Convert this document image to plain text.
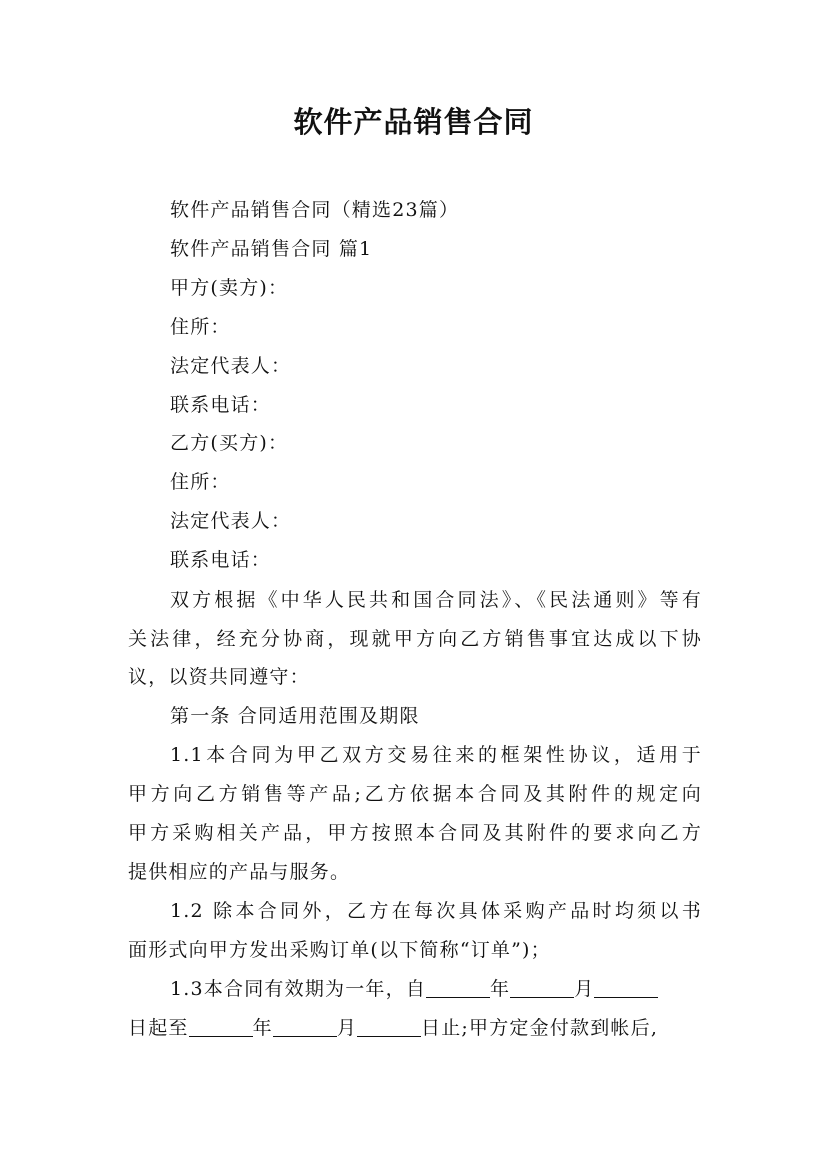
软件产品销售合同
软件产品销售合同（精选23篇）
软件产品销售合同 篇1
甲方(卖方)：
住所：
法定代表人：
联系电话：
乙方(买方)：
住所：
法定代表人：
联系电话：
双方根据《中华人民共和国合同法》、《民法通则》等有
关法律，经充分协商，现就甲方向乙方销售事宜达成以下协
议，以资共同遵守：
第一条 合同适用范围及期限
1.1本合同为甲乙双方交易往来的框架性协议，适用于
甲方向乙方销售等产品;乙方依据本合同及其附件的规定向
甲方采购相关产品，甲方按照本合同及其附件的要求向乙方
提供相应的产品与服务。
1.2 除本合同外，乙方在每次具体采购产品时均须以书
面形式向甲方发出采购订单(以下简称“订单”)；
1.3本合同有效期为一年，自	年	月
日起至	年	月	日止;甲方定金付款到帐后,
